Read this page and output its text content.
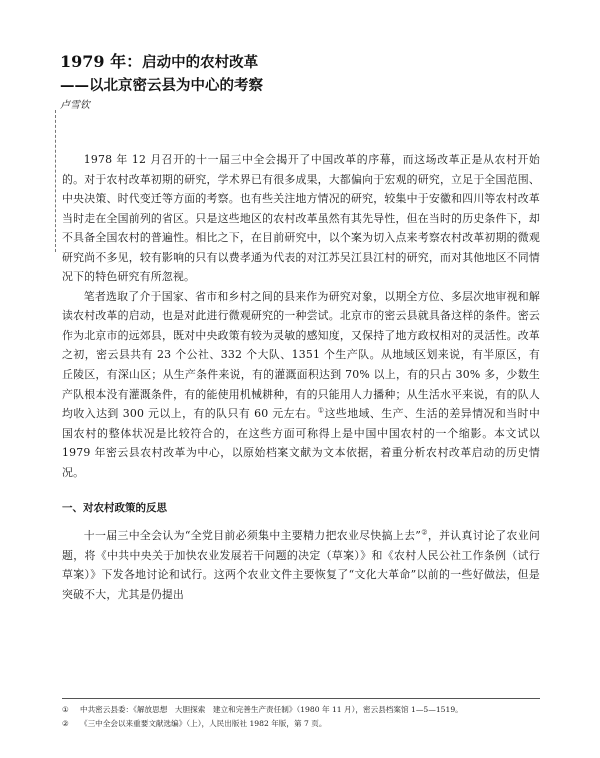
1979 年：启动中的农村改革
——以北京密云县为中心的考察
卢雪钦

1978 年 12 月召开的十一届三中全会揭开了中国改革的序幕，而这场改革正是从农村开始的。对于农村改革初期的研究，学术界已有很多成果，大都偏向于宏观的研究，立足于全国范围、中央决策、时代变迁等方面的考察。也有些关注地方情况的研究，较集中于安徽和四川等农村改革当时走在全国前列的省区。只是这些地区的农村改革虽然有其先导性，但在当时的历史条件下，却不具备全国农村的普遍性。相比之下，在目前研究中，以个案为切入点来考察农村改革初期的微观研究尚不多见，较有影响的只有以费孝通为代表的对江苏吴江县江村的研究，而对其他地区不同情况下的特色研究有所忽视。

笔者选取了介于国家、省市和乡村之间的县来作为研究对象，以期全方位、多层次地审视和解读农村改革的启动，也是对此进行微观研究的一种尝试。北京市的密云县就具备这样的条件。密云作为北京市的远郊县，既对中央政策有较为灵敏的感知度，又保持了地方政权相对的灵活性。改革之初，密云县共有 23 个公社、332 个大队、1351 个生产队。从地域区划来说，有半原区，有丘陵区，有深山区；从生产条件来说，有的灌溉面积达到 70% 以上，有的只占 30% 多，少数生产队根本没有灌溉条件，有的能使用机械耕种，有的只能用人力播种；从生活水平来说，有的队人均收入达到 300 元以上，有的队只有 60 元左右。①这些地域、生产、生活的差异情况和当时中国农村的整体状况是比较符合的，在这些方面可称得上是中国中国农村的一个缩影。本文试以 1979 年密云县农村改革为中心，以原始档案文献为文本依据，着重分析农村改革启动的历史情况。

一、对农村政策的反思

十一届三中全会认为“全党目前必须集中主要精力把农业尽快搞上去”②，并认真讨论了农业问题，将《中共中央关于加快农业发展若干问题的决定（草案）》和《农村人民公社工作条例（试行草案）》下发各地讨论和试行。这两个农业文件主要恢复了“文化大革命”以前的一些好做法，但是突破不大，尤其是仍提出

① 中共密云县委：《解放思想　大胆探索　建立和完善生产责任制》（1980 年 11 月），密云县档案馆 1—5—1519。

② 《三中全会以来重要文献选编》（上），人民出版社 1982 年版，第 7 页。
